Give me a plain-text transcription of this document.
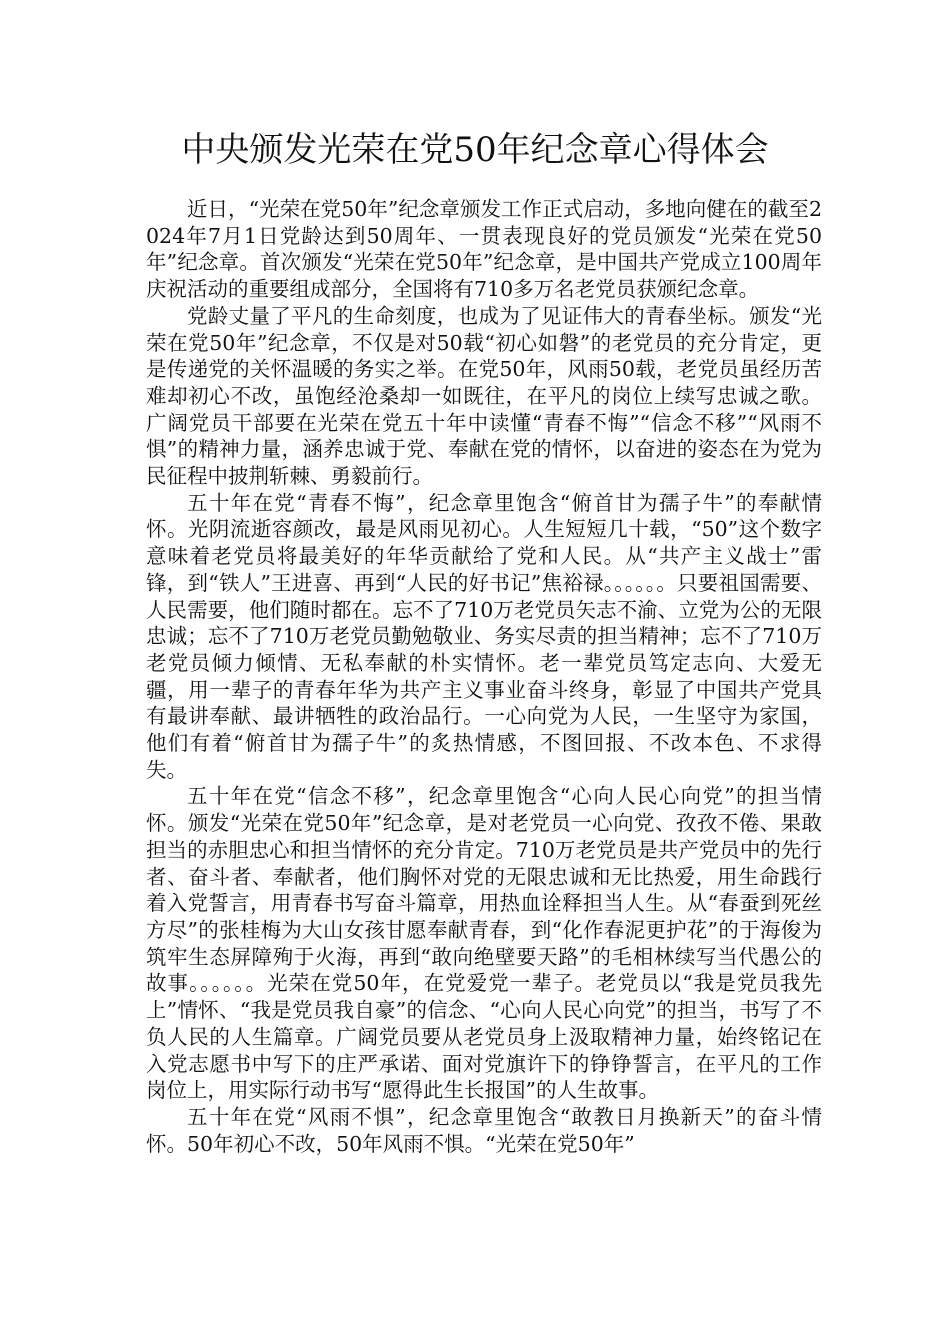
中央颁发光荣在党50年纪念章心得体会

近日，“光荣在党50年”纪念章颁发工作正式启动，多地向健在的截至2024年7月1日党龄达到50周年、一贯表现良好的党员颁发“光荣在党50年”纪念章。首次颁发“光荣在党50年”纪念章，是中国共产党成立100周年庆祝活动的重要组成部分，全国将有710多万名老党员获颁纪念章。

党龄丈量了平凡的生命刻度，也成为了见证伟大的青春坐标。颁发“光荣在党50年”纪念章，不仅是对50载“初心如磐”的老党员的充分肯定，更是传递党的关怀温暖的务实之举。在党50年，风雨50载，老党员虽经历苦难却初心不改，虽饱经沧桑却一如既往，在平凡的岗位上续写忠诚之歌。广阔党员干部要在光荣在党五十年中读懂“青春不悔”“信念不移”“风雨不惧”的精神力量，涵养忠诚于党、奉献在党的情怀，以奋进的姿态在为党为民征程中披荆斩棘、勇毅前行。

五十年在党“青春不悔”，纪念章里饱含“俯首甘为孺子牛”的奉献情怀。光阴流逝容颜改，最是风雨见初心。人生短短几十载，“50”这个数字意味着老党员将最美好的年华贡献给了党和人民。从“共产主义战士”雷锋，到“铁人”王进喜、再到“人民的好书记”焦裕禄。。。。。。只要祖国需要、人民需要，他们随时都在。忘不了710万老党员矢志不渝、立党为公的无限忠诚；忘不了710万老党员勤勉敬业、务实尽责的担当精神；忘不了710万老党员倾力倾情、无私奉献的朴实情怀。老一辈党员笃定志向、大爱无疆，用一辈子的青春年华为共产主义事业奋斗终身，彰显了中国共产党具有最讲奉献、最讲牺牲的政治品行。一心向党为人民，一生坚守为家国，他们有着“俯首甘为孺子牛”的炙热情感，不图回报、不改本色、不求得失。

五十年在党“信念不移”，纪念章里饱含“心向人民心向党”的担当情怀。颁发“光荣在党50年”纪念章，是对老党员一心向党、孜孜不倦、果敢担当的赤胆忠心和担当情怀的充分肯定。710万老党员是共产党员中的先行者、奋斗者、奉献者，他们胸怀对党的无限忠诚和无比热爱，用生命践行着入党誓言，用青春书写奋斗篇章，用热血诠释担当人生。从“春蚕到死丝方尽”的张桂梅为大山女孩甘愿奉献青春，到“化作春泥更护花”的于海俊为筑牢生态屏障殉于火海，再到“敢向绝壁要天路”的毛相林续写当代愚公的故事。。。。。。光荣在党50年，在党爱党一辈子。老党员以“我是党员我先上”情怀、“我是党员我自豪”的信念、“心向人民心向党”的担当，书写了不负人民的人生篇章。广阔党员要从老党员身上汲取精神力量，始终铭记在入党志愿书中写下的庄严承诺、面对党旗许下的铮铮誓言，在平凡的工作岗位上，用实际行动书写“愿得此生长报国”的人生故事。

五十年在党“风雨不惧”，纪念章里饱含“敢教日月换新天”的奋斗情怀。50年初心不改，50年风雨不惧。“光荣在党50年”
